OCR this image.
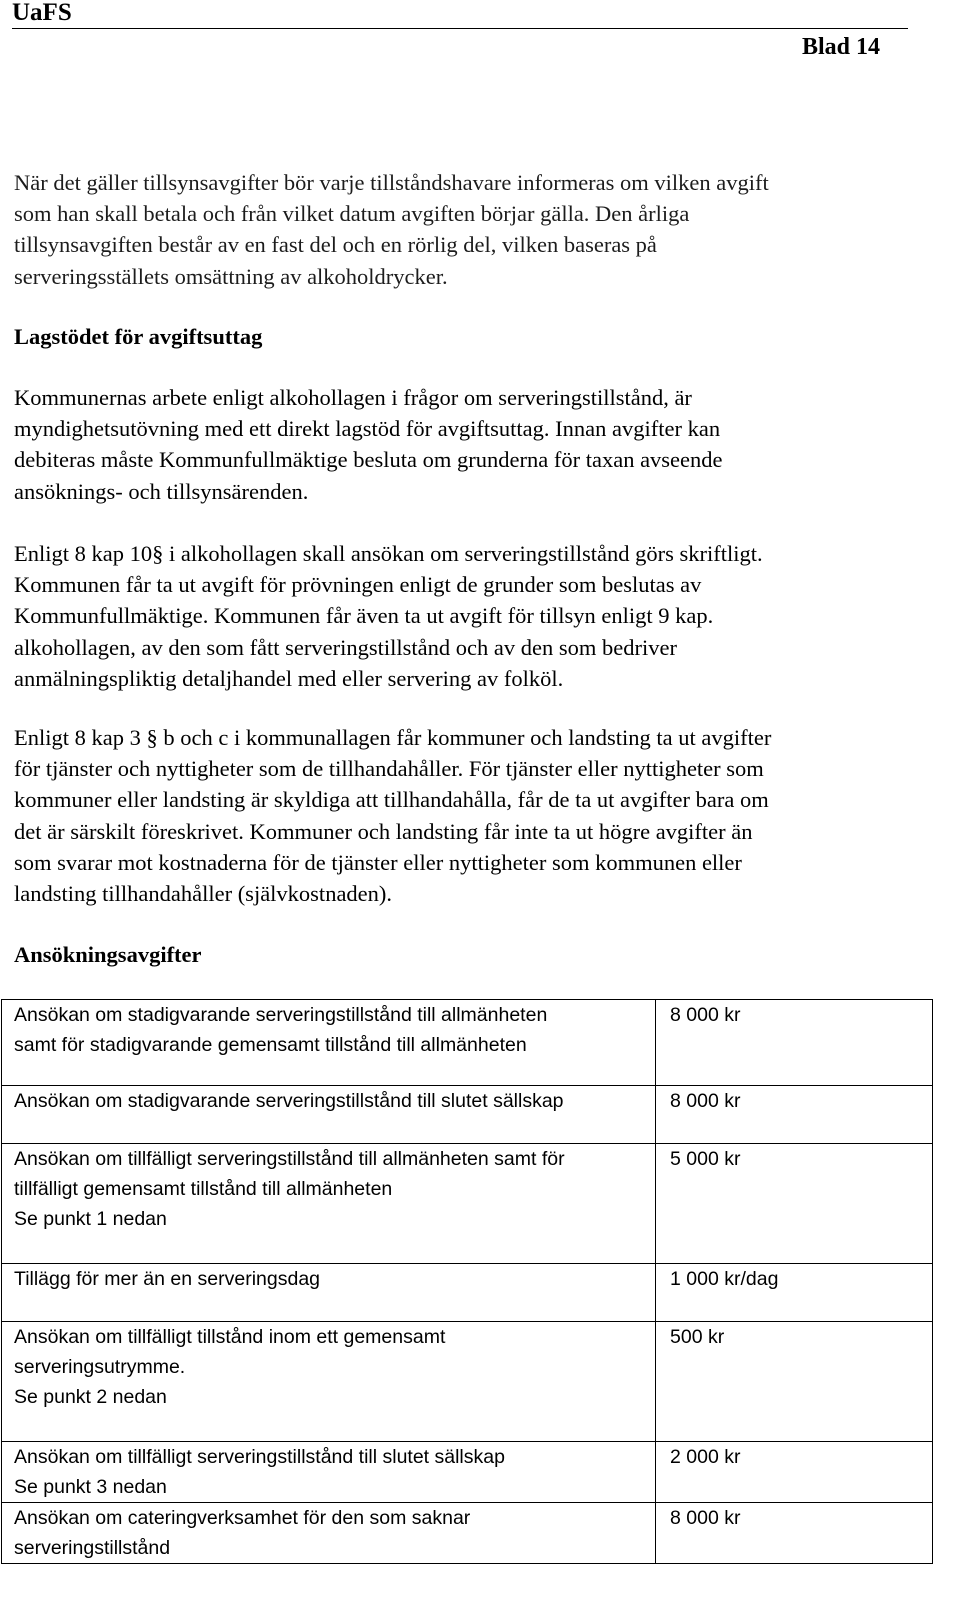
UaFS
Blad 14
När det gäller tillsynsavgifter bör varje tillståndshavare informeras om vilken avgift
som han skall betala och från vilket datum avgiften börjar gälla. Den årliga
tillsynsavgiften består av en fast del och en rörlig del, vilken baseras på
serveringsställets omsättning av alkoholdrycker.
Lagstödet för avgiftsuttag
Kommunernas arbete enligt alkohollagen i frågor om serveringstillstånd, är
myndighetsutövning med ett direkt lagstöd för avgiftsuttag. Innan avgifter kan
debiteras måste Kommunfullmäktige besluta om grunderna för taxan avseende
ansöknings- och tillsynsärenden.
Enligt 8 kap 10§ i alkohollagen skall ansökan om serveringstillstånd görs skriftligt.
Kommunen får ta ut avgift för prövningen enligt de grunder som beslutas av
Kommunfullmäktige. Kommunen får även ta ut avgift för tillsyn enligt 9 kap.
alkohollagen, av den som fått serveringstillstånd och av den som bedriver
anmälningspliktig detaljhandel med eller servering av folköl.
Enligt 8 kap 3 § b och c i kommunallagen får kommuner och landsting ta ut avgifter
för tjänster och nyttigheter som de tillhandahåller. För tjänster eller nyttigheter som
kommuner eller landsting är skyldiga att tillhandahålla, får de ta ut avgifter bara om
det är särskilt föreskrivet. Kommuner och landsting får inte ta ut högre avgifter än
som svarar mot kostnaderna för de tjänster eller nyttigheter som kommunen eller
landsting tillhandahåller (självkostnaden).
Ansökningsavgifter
Ansökan om stadigvarande serveringstillstånd till allmänheten
samt för stadigvarande gemensamt tillstånd till allmänheten	8 000 kr

Ansökan om stadigvarande serveringstillstånd till slutet sällskap	8 000 kr

Ansökan om tillfälligt serveringstillstånd till allmänheten samt för
tillfälligt gemensamt tillstånd till allmänheten
Se punkt 1 nedan	5 000 kr

Tillägg för mer än en serveringsdag	1 000 kr/dag

Ansökan om tillfälligt tillstånd inom ett gemensamt
serveringsutrymme.
Se punkt 2 nedan	500 kr

Ansökan om tillfälligt serveringstillstånd till slutet sällskap
Se punkt 3 nedan	2 000 kr

Ansökan om cateringverksamhet för den som saknar
serveringstillstånd	8 000 kr
